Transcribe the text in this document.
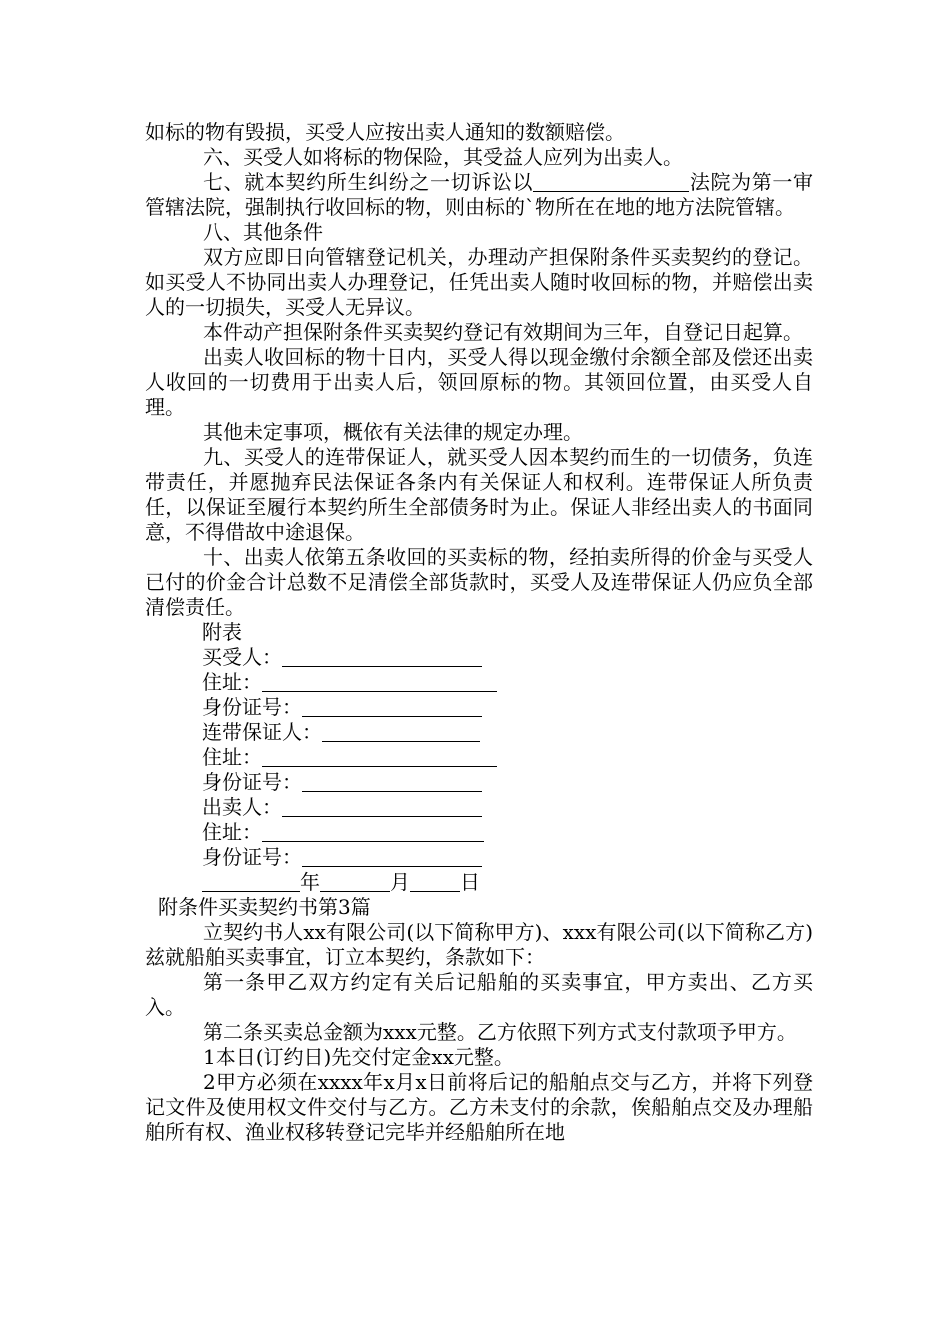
如标的物有毁损，买受人应按出卖人通知的数额赔偿。

六、买受人如将标的物保险，其受益人应列为出卖人。

七、就本契约所生纠纷之一切诉讼以	法院为第一审管辖法院，强制执行收回标的物，则由标的`物所在在地的地方法院管辖。

八、其他条件

双方应即日向管辖登记机关，办理动产担保附条件买卖契约的登记。如买受人不协同出卖人办理登记，任凭出卖人随时收回标的物，并赔偿出卖人的一切损失，买受人无异议。

本件动产担保附条件买卖契约登记有效期间为三年，自登记日起算。

出卖人收回标的物十日内，买受人得以现金缴付余额全部及偿还出卖人收回的一切费用于出卖人后，领回原标的物。其领回位置，由买受人自理。

其他未定事项，概依有关法律的规定办理。

九、买受人的连带保证人，就买受人因本契约而生的一切债务，负连带责任，并愿抛弃民法保证各条内有关保证人和权利。连带保证人所负责任，以保证至履行本契约所生全部债务时为止。保证人非经出卖人的书面同意，不得借故中途退保。

十、出卖人依第五条收回的买卖标的物，经拍卖所得的价金与买受人已付的价金合计总数不足清偿全部货款时，买受人及连带保证人仍应负全部清偿责任。

附表

买受人：

住址：

身份证号：

连带保证人：

住址：

身份证号：

出卖人：

住址：

身份证号：

年	月	日

附条件买卖契约书第3篇

立契约书人xx有限公司(以下简称甲方)、xxx有限公司(以下简称乙方)兹就船舶买卖事宜，订立本契约，条款如下：

第一条甲乙双方约定有关后记船舶的买卖事宜，甲方卖出、乙方买入。

第二条买卖总金额为xxx元整。乙方依照下列方式支付款项予甲方。

1本日(订约日)先交付定金xx元整。

2甲方必须在xxxx年x月x日前将后记的船舶点交与乙方，并将下列登记文件及使用权文件交付与乙方。乙方未支付的余款，俟船舶点交及办理船舶所有权、渔业权移转登记完毕并经船舶所在地
